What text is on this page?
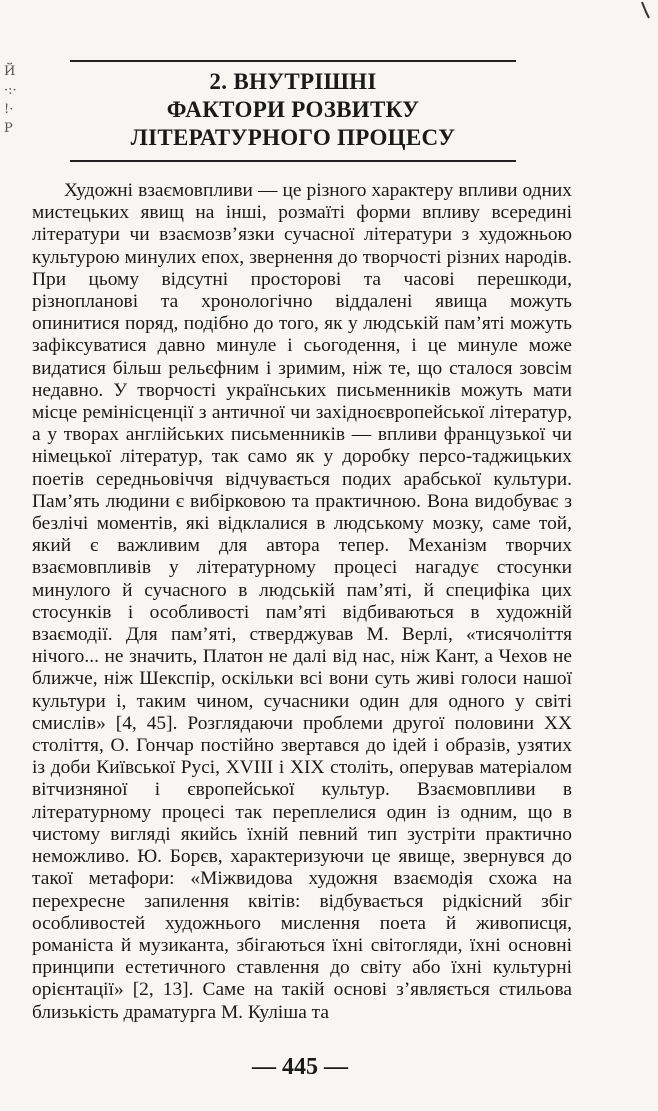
Й
·:·
!·
Р
2. ВНУТРІШНІ
ФАКТОРИ РОЗВИТКУ
ЛІТЕРАТУРНОГО ПРОЦЕСУ

Художні взаємовпливи — це різного характеру впливи одних мистецьких явищ на інші, розмаїті форми впливу всередині літератури чи взаємозв’язки сучасної літератури з художньою культурою минулих епох, звернення до творчості різних народів. При цьому відсутні просторові та часові перешкоди, різнопланові та хронологічно віддалені явища можуть опинитися поряд, подібно до того, як у людській пам’яті можуть зафіксуватися давно минуле і сьогодення, і це минуле може видатися більш рельєфним і зримим, ніж те, що сталося зовсім недавно. У творчості українських письменників можуть мати місце ремінісценції з античної чи західноєвропейської літератур, а у творах англійських письменників — впливи французької чи німецької літератур, так само як у доробку персо-таджицьких поетів середньовіччя відчувається подих арабської культури. Пам’ять людини є вибірковою та практичною. Вона видобуває з безлічі моментів, які відклалися в людському мозку, саме той, який є важливим для автора тепер. Механізм творчих взаємовпливів у літературному процесі нагадує стосунки минулого й сучасного в людській пам’яті, й специфіка цих стосунків і особливості пам’яті відбиваються в художній взаємодії. Для пам’яті, стверджував М. Верлі, «тисячоліття нічого... не значить, Платон не далі від нас, ніж Кант, а Чехов не ближче, ніж Шекспір, оскільки всі вони суть живі голоси нашої культури і, таким чином, сучасники один для одного у світі смислів» [4, 45]. Розглядаючи проблеми другої половини XX століття, О. Гончар постійно звертався до ідей і образів, узятих із доби Київської Русі, XVIII і XIX століть, оперував матеріалом вітчизняної і європейської культур. Взаємовпливи в літературному процесі так переплелися один із одним, що в чистому вигляді якийсь їхній певний тип зустріти практично неможливо. Ю. Борєв, характеризуючи це явище, звернувся до такої метафори: «Міжвидова художня взаємодія схожа на перехресне запилення квітів: відбувається рідкісний збіг особливостей художнього мислення поета й живописця, романіста й музиканта, збігаються їхні світогляди, їхні основні принципи естетичного ставлення до світу або їхні культурні орієнтації» [2, 13]. Саме на такій основі з’являється стильова близькість драматурга М. Куліша та

— 445 —
